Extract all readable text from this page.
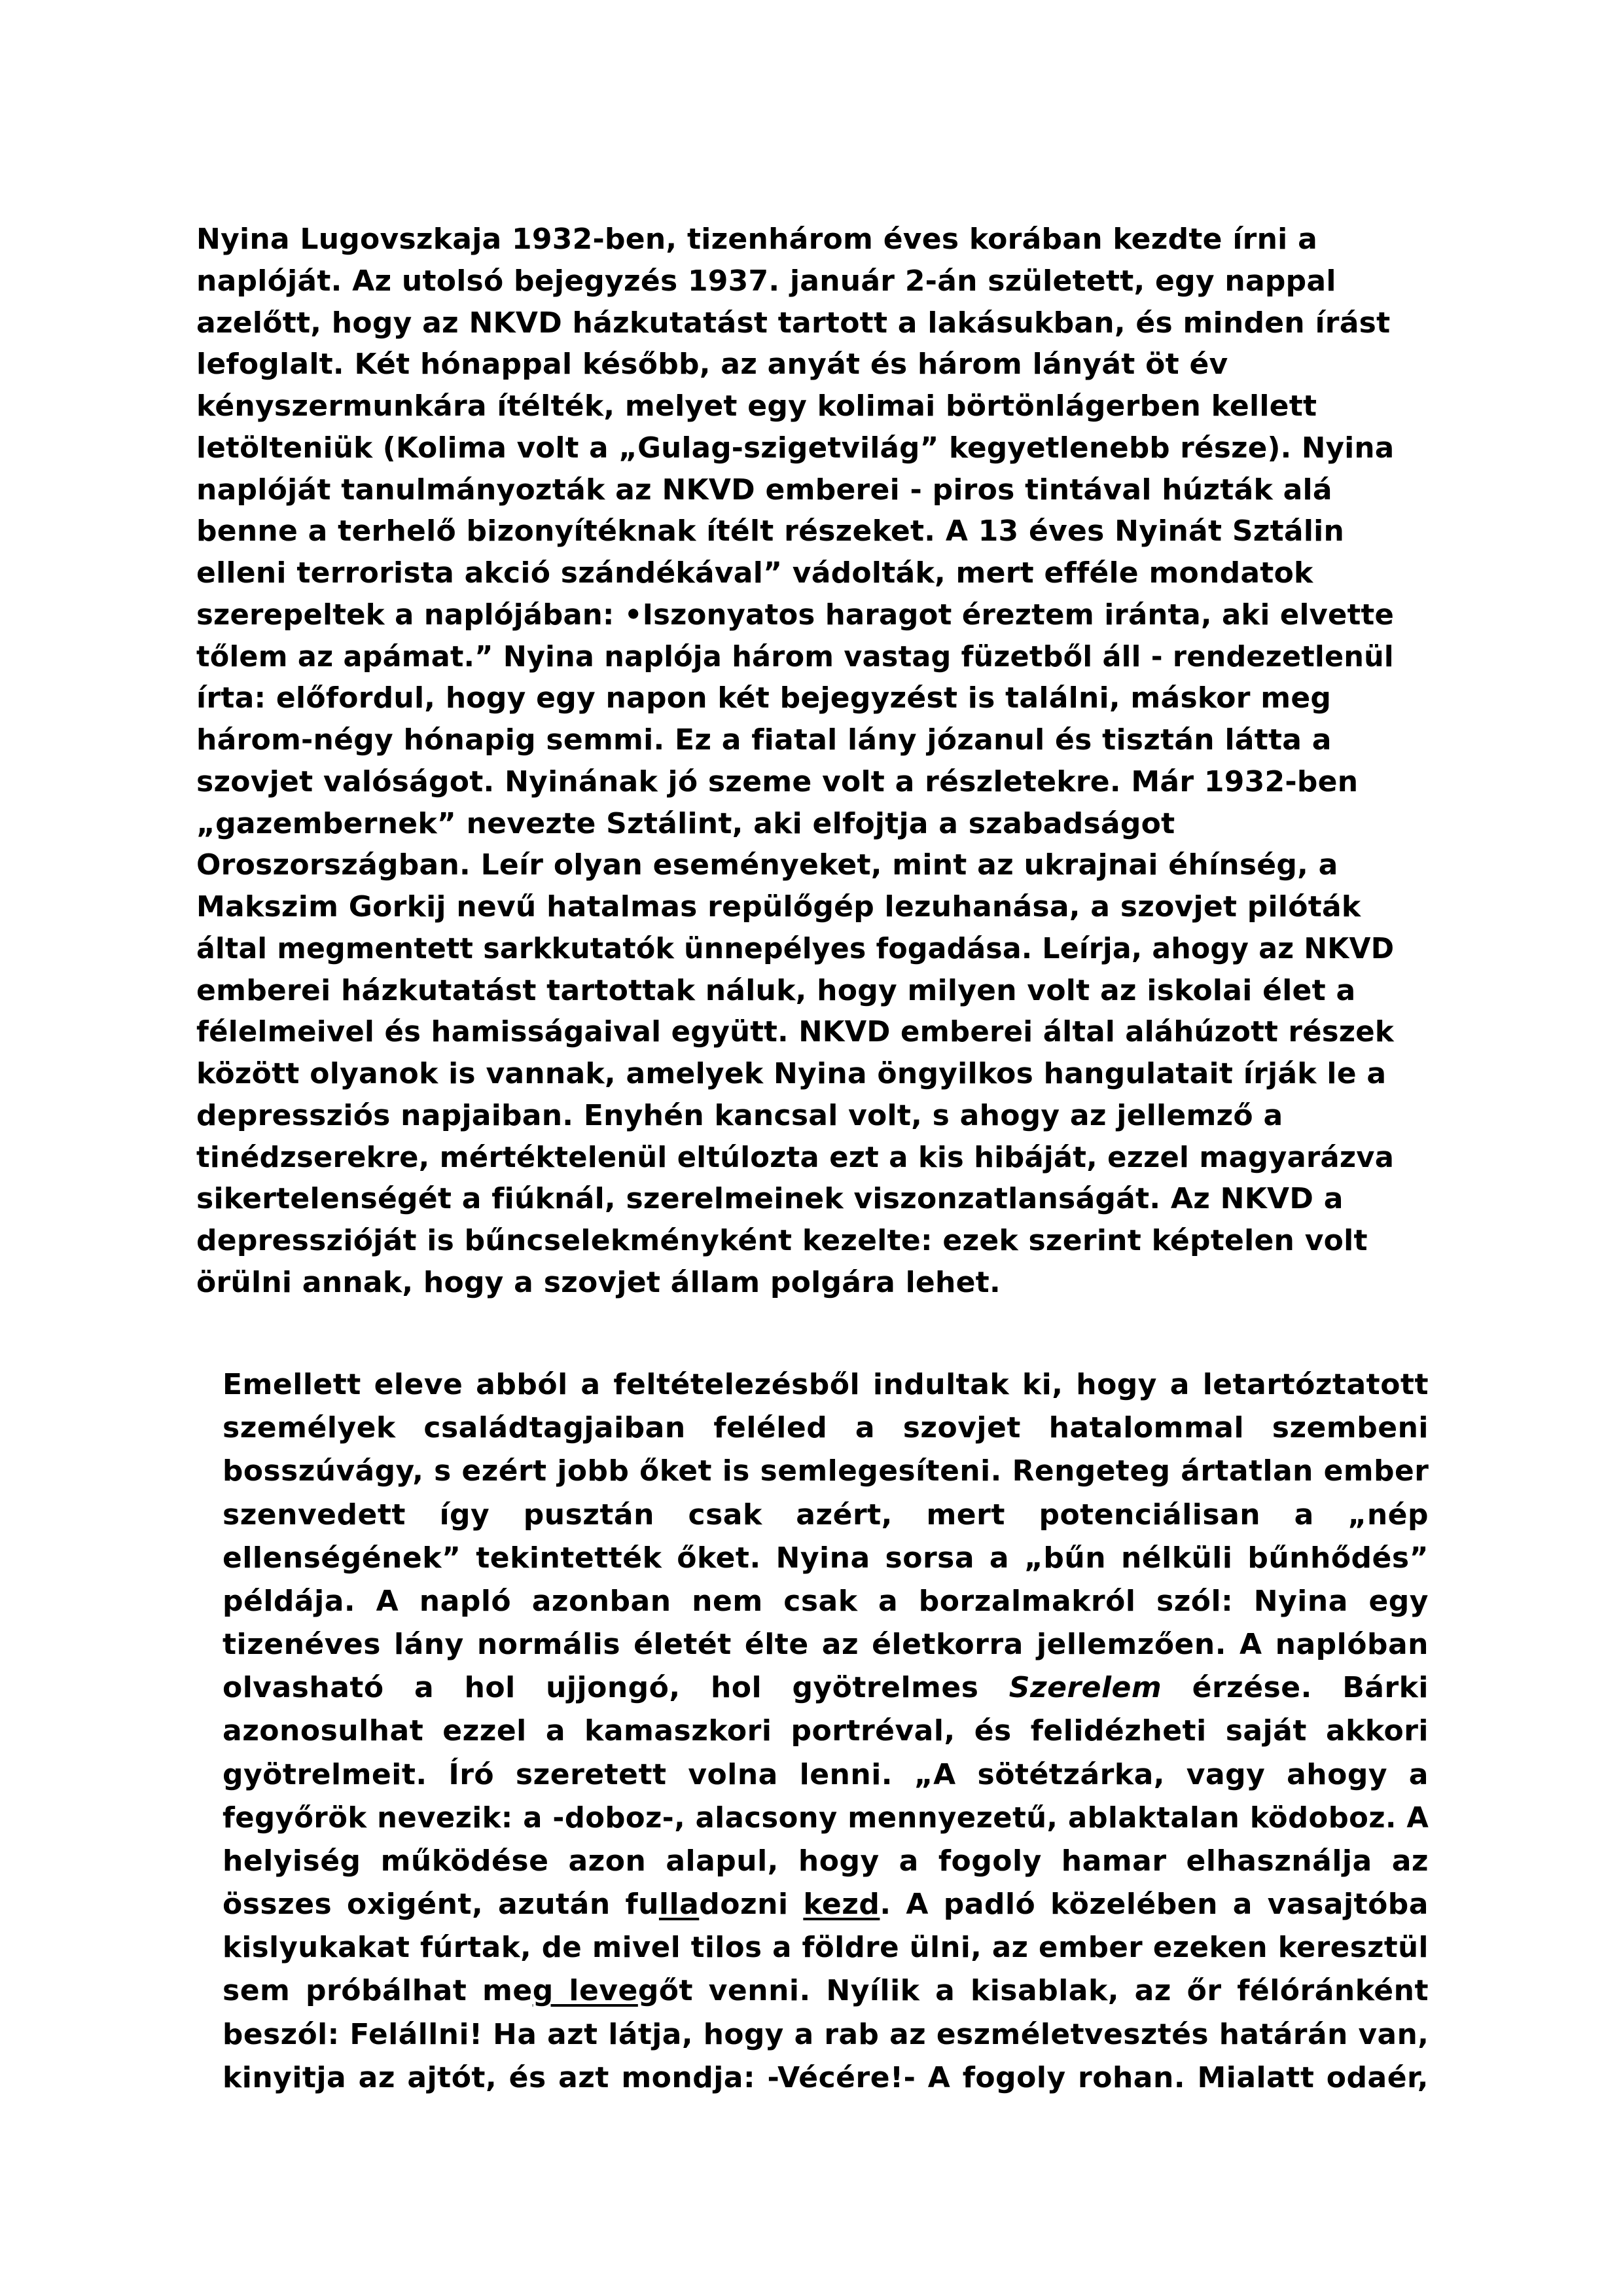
Nyina Lugovszkaja 1932-ben, tizenhárom éves korában kezdte írni a

naplóját. Az utolsó bejegyzés 1937. január 2-án született, egy nappal

azelőtt, hogy az NKVD házkutatást tartott a lakásukban, és minden írást

lefoglalt. Két hónappal később, az anyát és három lányát öt év

kényszermunkára ítélték, melyet egy kolimai börtönlágerben kellett

letölteniük (Kolima volt a „Gulag-szigetvilág” kegyetlenebb része). Nyina

naplóját tanulmányozták az NKVD emberei - piros tintával húzták alá

benne a terhelő bizonyítéknak ítélt részeket. A 13 éves Nyinát Sztálin

elleni terrorista akció szándékával” vádolták, mert efféle mondatok

szerepeltek a naplójában: •Iszonyatos haragot éreztem iránta, aki elvette

tőlem az apámat.” Nyina naplója három vastag füzetből áll - rendezetlenül

írta: előfordul, hogy egy napon két bejegyzést is találni, máskor meg

három-négy hónapig semmi. Ez a fiatal lány józanul és tisztán látta a

szovjet valóságot. Nyinának jó szeme volt a részletekre. Már 1932-ben

„gazembernek” nevezte Sztálint, aki elfojtja a szabadságot

Oroszországban. Leír olyan eseményeket, mint az ukrajnai éhínség, a

Makszim Gorkij nevű hatalmas repülőgép lezuhanása, a szovjet pilóták

által megmentett sarkkutatók ünnepélyes fogadása. Leírja, ahogy az NKVD

emberei házkutatást tartottak náluk, hogy milyen volt az iskolai élet a

félelmeivel és hamisságaival együtt. NKVD emberei által aláhúzott részek

között olyanok is vannak, amelyek Nyina öngyilkos hangulatait írják le a

depressziós napjaiban. Enyhén kancsal volt, s ahogy az jellemző a

tinédzserekre, mértéktelenül eltúlozta ezt a kis hibáját, ezzel magyarázva

sikertelenségét a fiúknál, szerelmeinek viszonzatlanságát. Az NKVD a

depresszióját is bűncselekményként kezelte: ezek szerint képtelen volt

örülni annak, hogy a szovjet állam polgára lehet.

Emellett eleve abból a feltételezésből indultak ki, hogy a letartóztatott

személyek családtagjaiban feléled a szovjet hatalommal szembeni

bosszúvágy, s ezért jobb őket is semlegesíteni. Rengeteg ártatlan ember

szenvedett így pusztán csak azért, mert potenciálisan a „nép

ellenségének” tekintették őket. Nyina sorsa a „bűn nélküli bűnhődés”

példája. A napló azonban nem csak a borzalmakról szól: Nyina egy

tizenéves lány normális életét élte az életkorra jellemzően. A naplóban

olvasható a hol ujjongó, hol gyötrelmes Szerelem érzése. Bárki

azonosulhat ezzel a kamaszkori portréval, és felidézheti saját akkori

gyötrelmeit. Író szeretett volna lenni. „A sötétzárka, vagy ahogy a

fegyőrök nevezik: a -doboz-, alacsony mennyezetű, ablaktalan ködoboz. A

helyiség működése azon alapul, hogy a fogoly hamar elhasználja az

összes oxigént, azután fulladozni kezd. A padló közelében a vasajtóba

kislyukakat fúrtak, de mivel tilos a földre ülni, az ember ezeken keresztül

sem próbálhat meg levegőt venni. Nyílik a kisablak, az őr félóránként

beszól: Felállni! Ha azt látja, hogy a rab az eszméletvesztés határán van,

kinyitja az ajtót, és azt mondja: -Vécére!- A fogoly rohan. Mialatt odaér,
